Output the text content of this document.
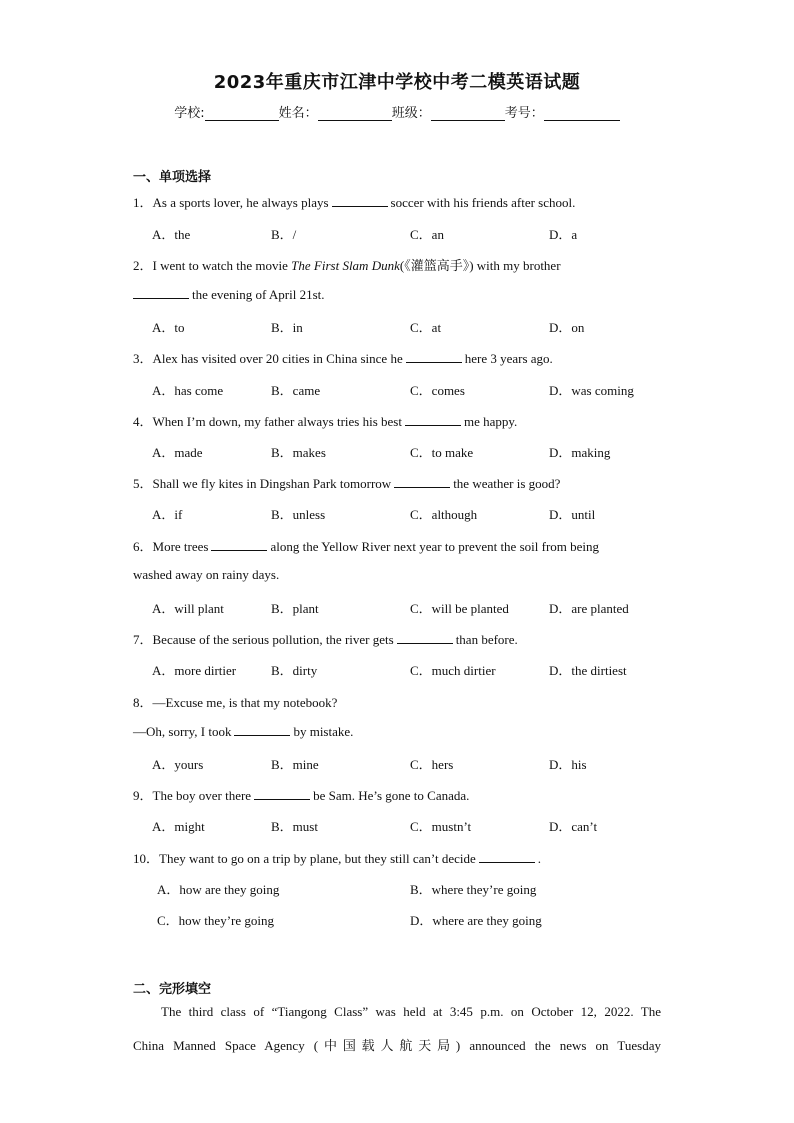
2023年重庆市江津中学校中考二模英语试题
学校:	姓名：	班级：	考号：
一、单项选择
1．As a sports lover, he always plays	soccer with his friends after school.
A．the	B．/	C．an	D．a
2．I went to watch the movie The First Slam Dunk(《灌篮高手》) with my brother
the evening of April 21st.
A．to	B．in	C．at	D．on
3．Alex has visited over 20 cities in China since he	here 3 years ago.
A．has come	B．came	C．comes	D．was coming
4．When I’m down, my father always tries his best	me happy.
A．made	B．makes	C．to make	D．making
5．Shall we fly kites in Dingshan Park tomorrow	the weather is good?
A．if	B．unless	C．although	D．until
6．More trees	along the Yellow River next year to prevent the soil from being
washed away on rainy days.
A．will plant	B．plant	C．will be planted	D．are planted
7．Because of the serious pollution, the river gets	than before.
A．more dirtier	B．dirty	C．much dirtier	D．the dirtiest
8．—Excuse me, is that my notebook?
—Oh, sorry, I took	by mistake.
A．yours	B．mine	C．hers	D．his
9．The boy over there	be Sam. He’s gone to Canada.
A．might	B．must	C．mustn’t	D．can’t
10．They want to go on a trip by plane, but they still can’t decide	.
A．how are they going	B．where they’re going
C．how they’re going	D．where are they going
二、完形填空
The third class of “Tiangong Class” was held at 3:45 p.m. on October 12, 2022. The
China Manned Space Agency (中国载人航天局) announced the news on Tuesday
